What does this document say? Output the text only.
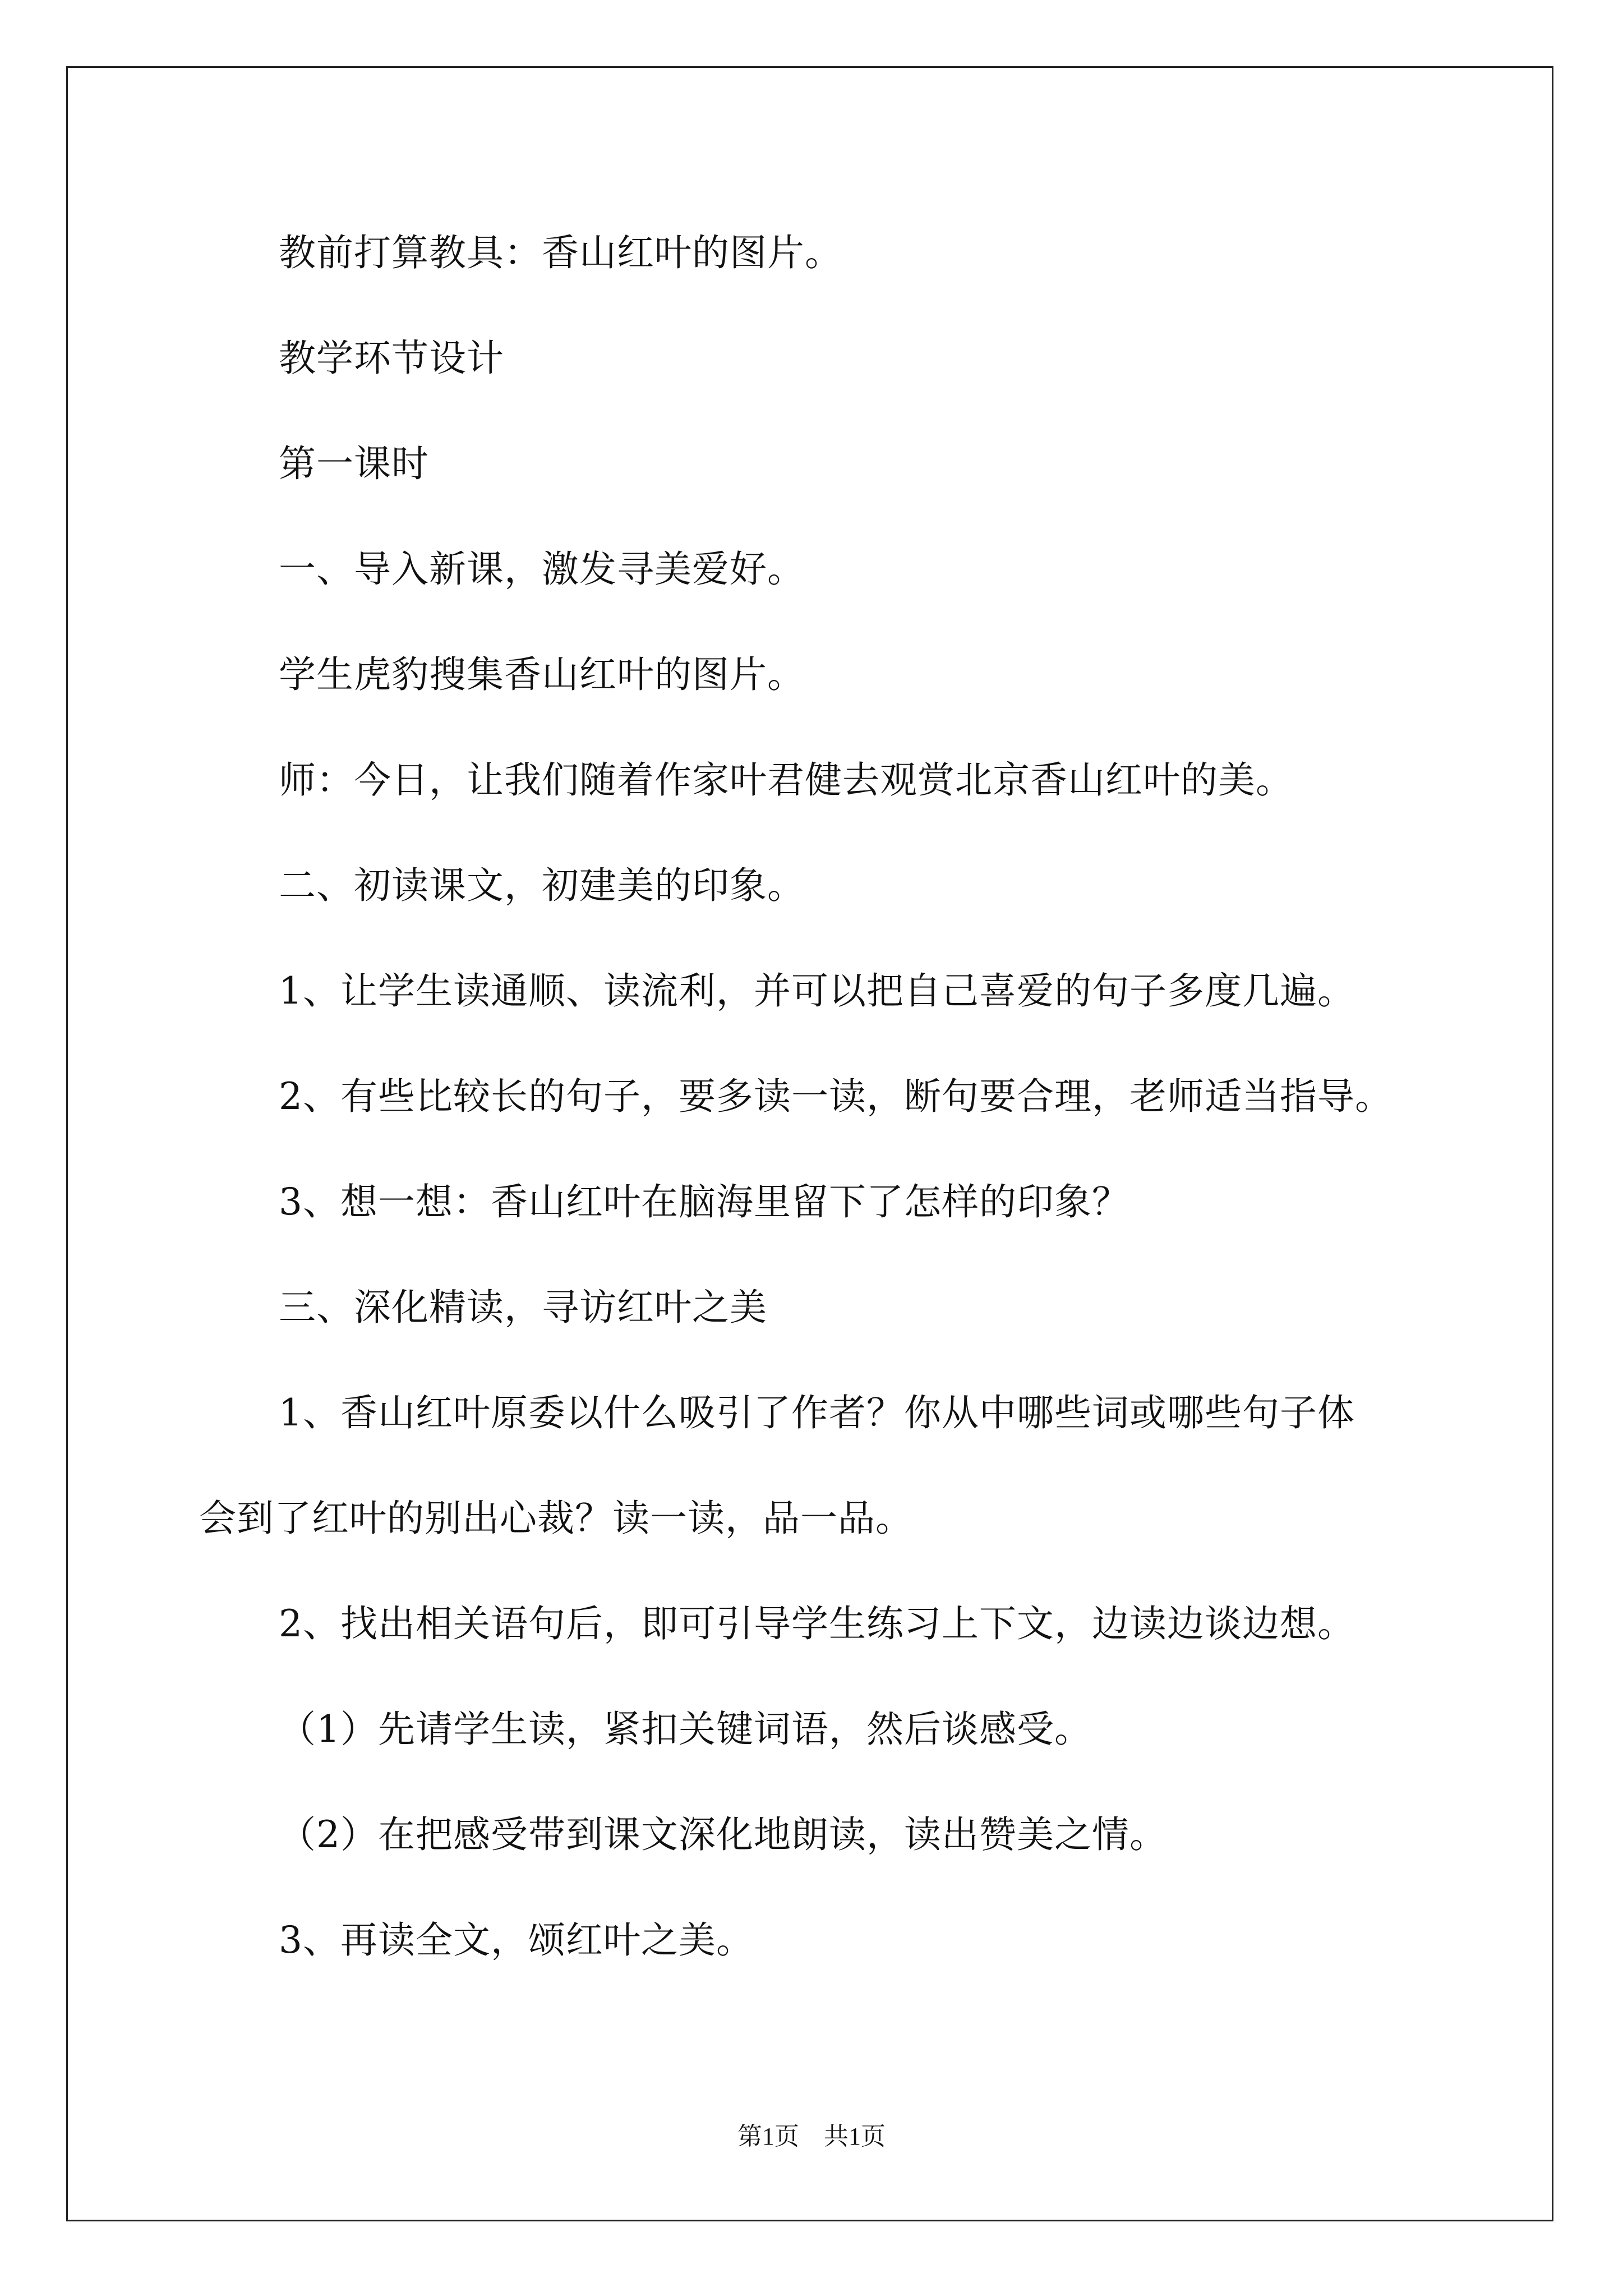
教前打算教具：香山红叶的图片。

教学环节设计

第一课时

一、导入新课，激发寻美爱好。

学生虎豹搜集香山红叶的图片。

师：今日，让我们随着作家叶君健去观赏北京香山红叶的美。

二、初读课文，初建美的印象。

1、让学生读通顺、读流利，并可以把自己喜爱的句子多度几遍。

2、有些比较长的句子，要多读一读，断句要合理，老师适当指导。

3、想一想：香山红叶在脑海里留下了怎样的印象？

三、深化精读，寻访红叶之美

1、香山红叶原委以什么吸引了作者？你从中哪些词或哪些句子体

会到了红叶的别出心裁？读一读，品一品。

2、找出相关语句后，即可引导学生练习上下文，边读边谈边想。

（1）先请学生读，紧扣关键词语，然后谈感受。

（2）在把感受带到课文深化地朗读，读出赞美之情。

3、再读全文，颂红叶之美。

第1页　共1页
